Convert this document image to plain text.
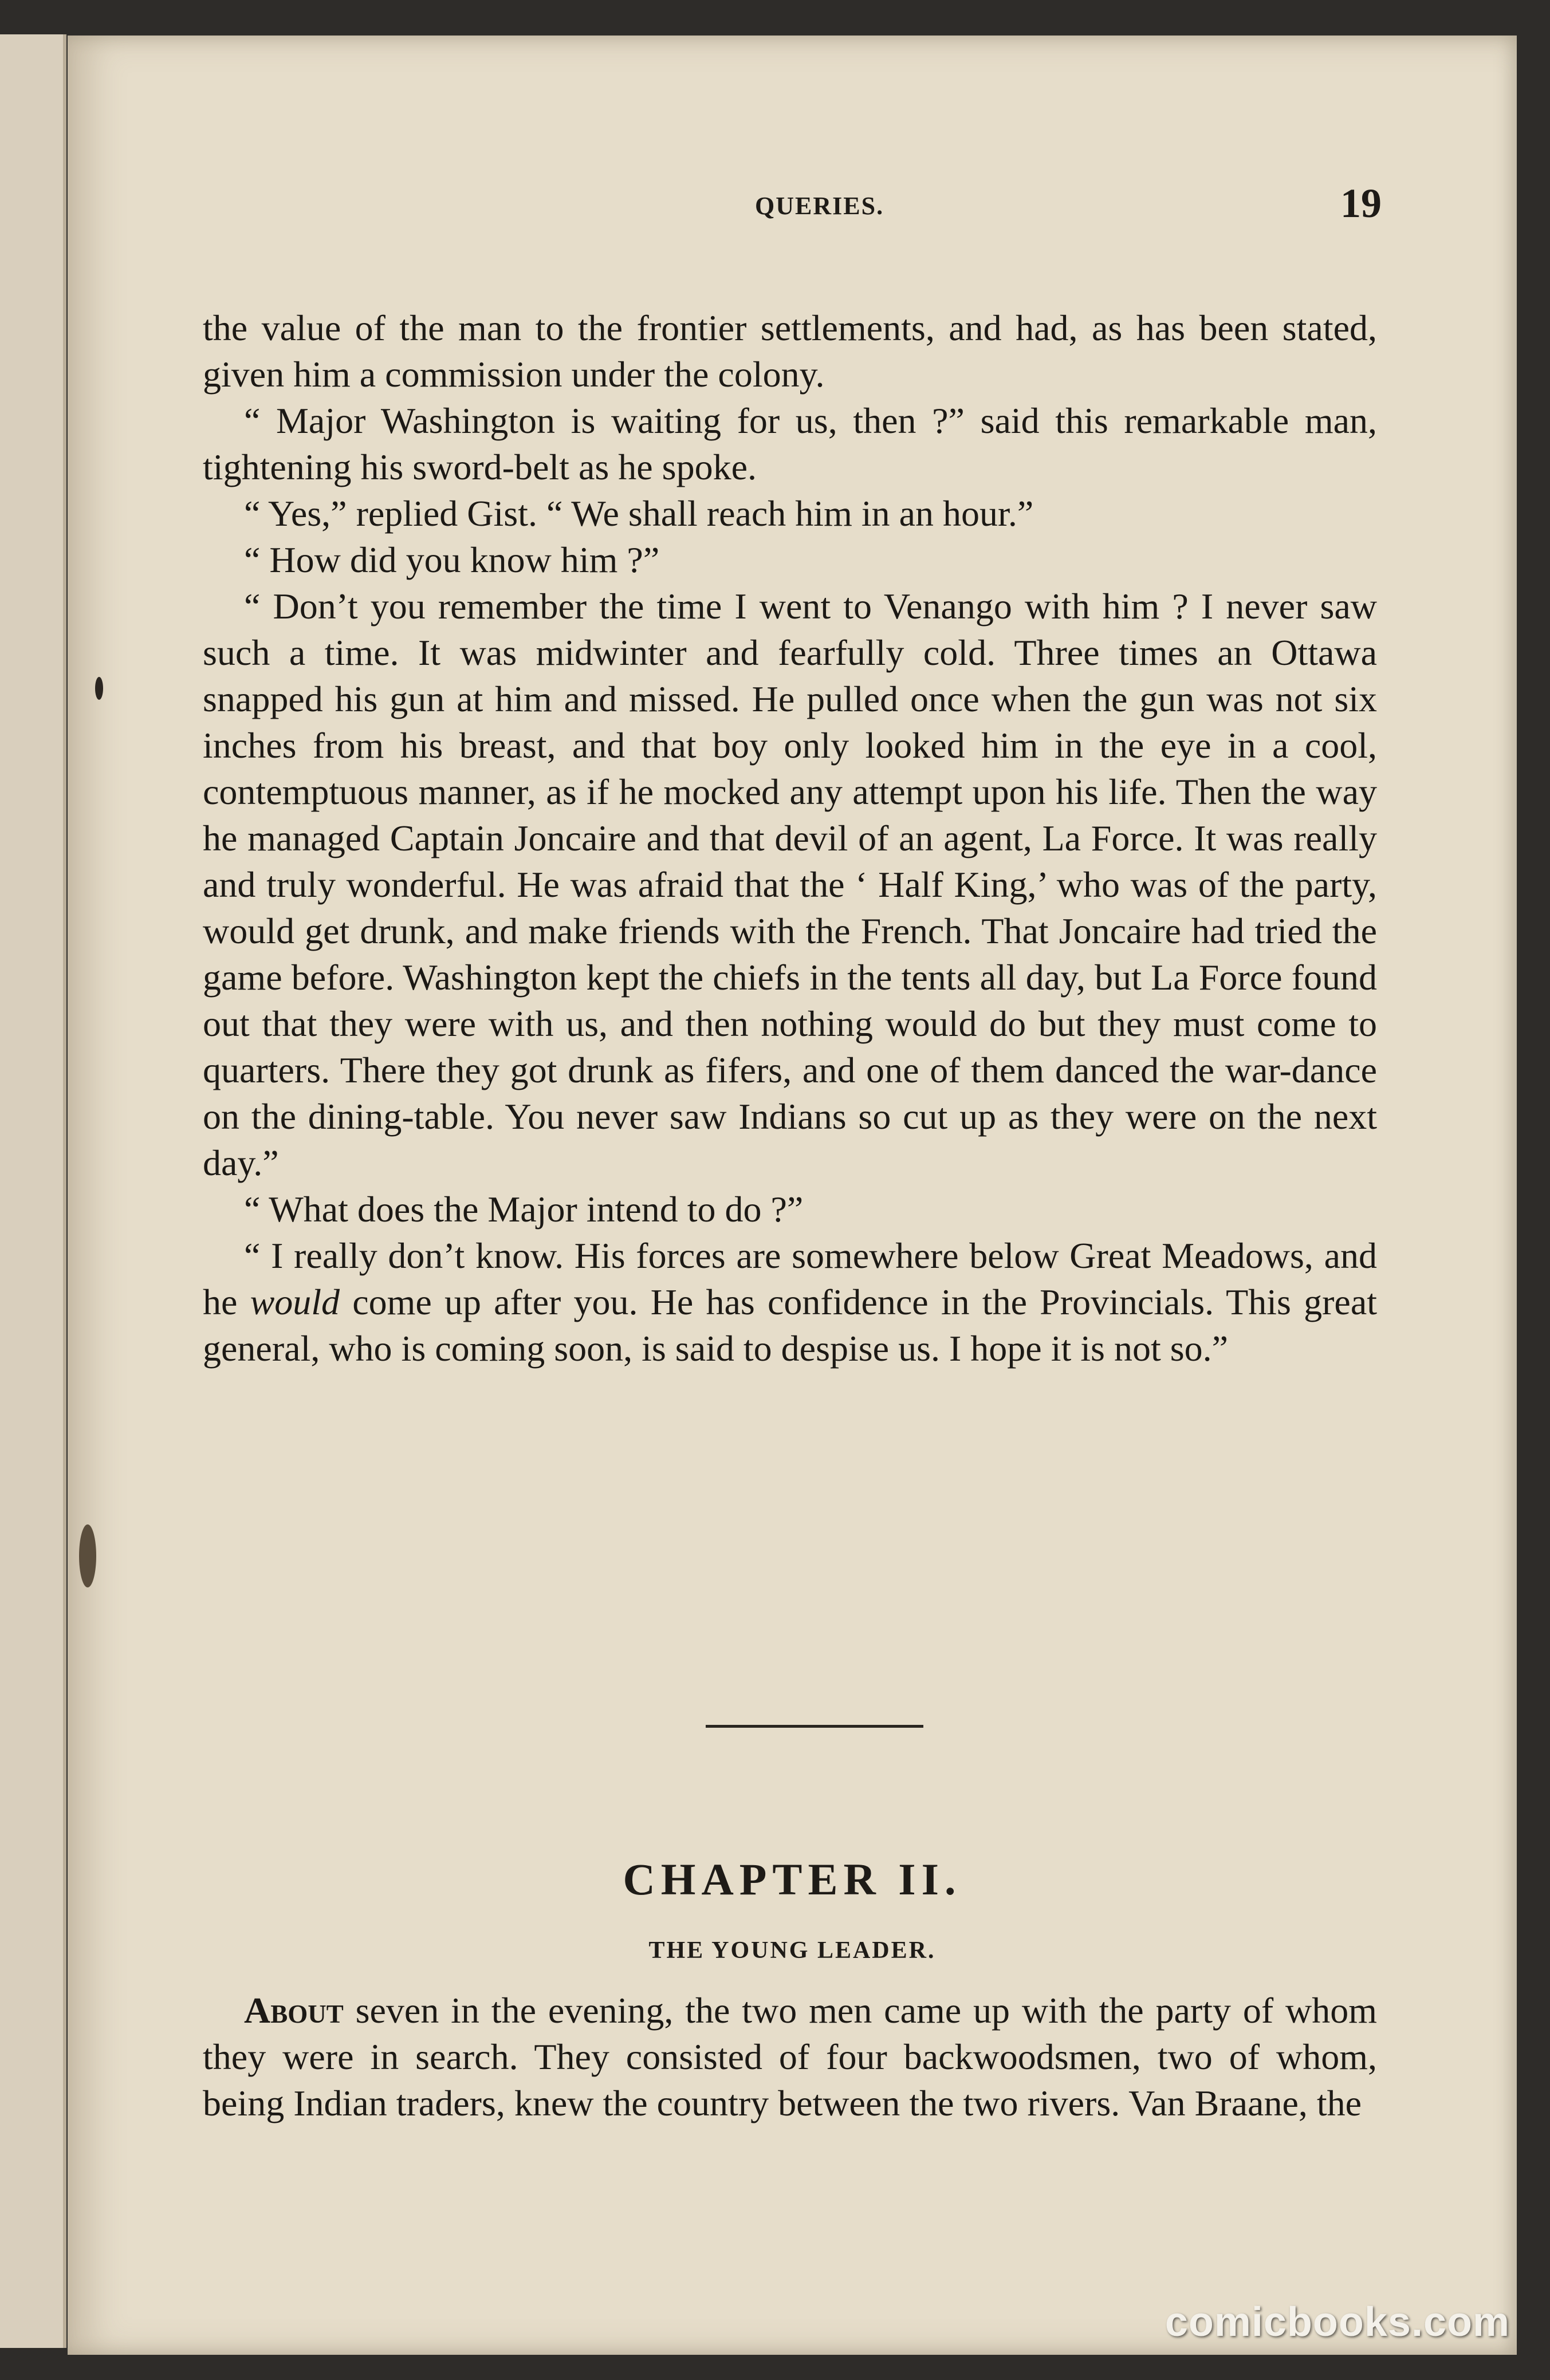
QUERIES.	19

the value of the man to the frontier settlements, and had, as has been stated, given him a commission under the colony.

“ Major Washington is waiting for us, then ?” said this remarkable man, tightening his sword-belt as he spoke.

“ Yes,” replied Gist. “ We shall reach him in an hour.”

“ How did you know him ?”

“ Don’t you remember the time I went to Venango with him ? I never saw such a time. It was midwinter and fearfully cold. Three times an Ottawa snapped his gun at him and missed. He pulled once when the gun was not six inches from his breast, and that boy only looked him in the eye in a cool, contemptuous manner, as if he mocked any attempt upon his life. Then the way he managed Captain Joncaire and that devil of an agent, La Force. It was really and truly wonderful. He was afraid that the ‘ Half King,’ who was of the party, would get drunk, and make friends with the French. That Joncaire had tried the game before. Washington kept the chiefs in the tents all day, but La Force found out that they were with us, and then nothing would do but they must come to quarters. There they got drunk as fifers, and one of them danced the war-dance on the dining-table. You never saw Indians so cut up as they were on the next day.”

“ What does the Major intend to do ?”

“ I really don’t know. His forces are somewhere below Great Meadows, and he would come up after you. He has confidence in the Provincials. This great general, who is coming soon, is said to despise us. I hope it is not so.”

CHAPTER II.
THE YOUNG LEADER.

About seven in the evening, the two men came up with the party of whom they were in search. They consisted of four backwoodsmen, two of whom, being Indian traders, knew the country between the two rivers. Van Braane, the

comicbooks.com
